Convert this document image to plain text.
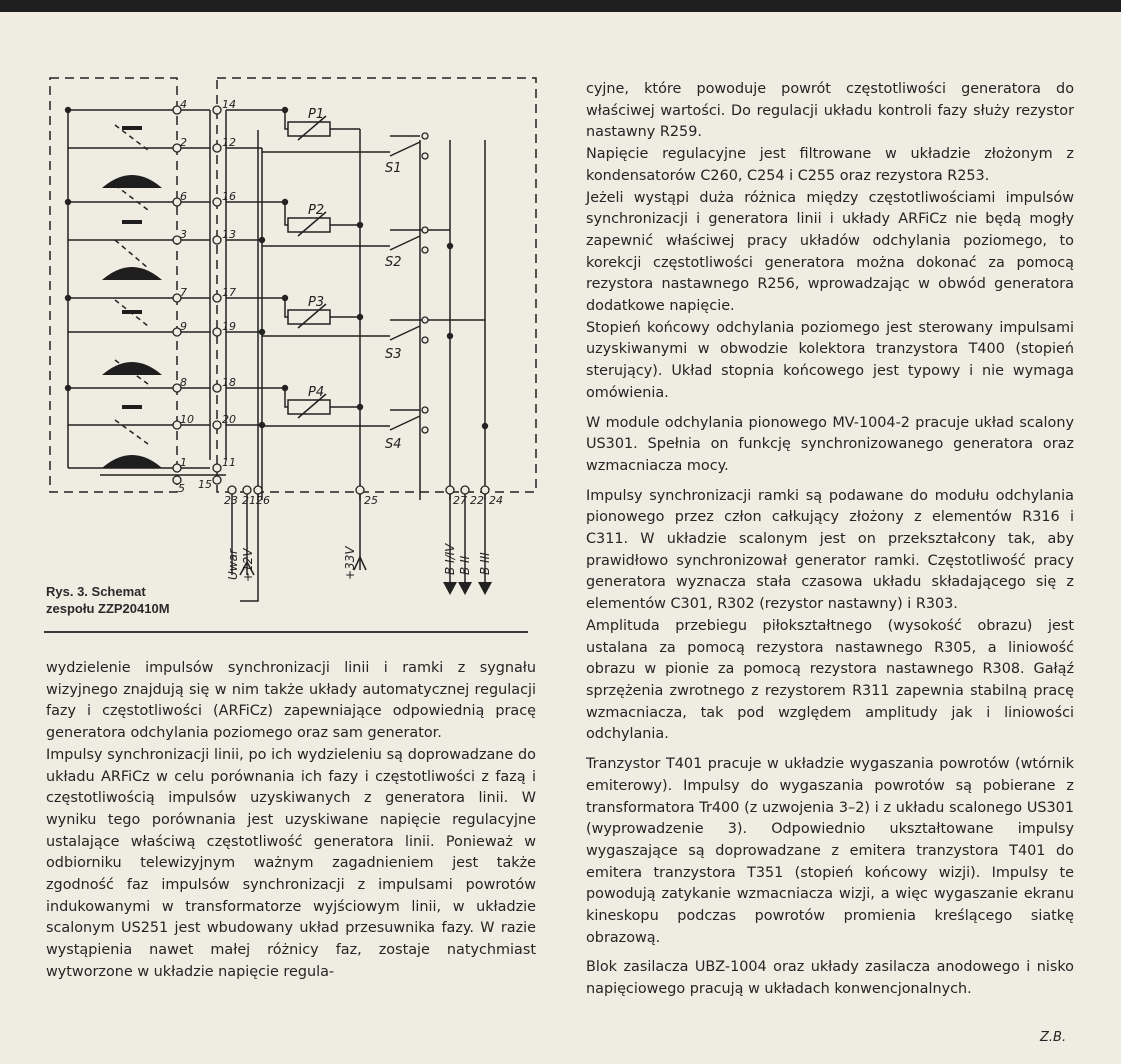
4
2
6
3
7
9
8
10
1
5 15
14
12
16
13
17
19
18
20
11
23 21 26	25	27 22 24
P1
P2
P3
P4
S1
S2
S3
S4
Uwar +12V	+33V	B I/IV B II B III
Rys. 3. Schemat
zespołu ZZP20410M

wydzielenie impulsów synchronizacji linii i ramki z sygnału wizyjnego znajdują się w nim także układy automatycznej regulacji fazy i częstotliwości (ARFiCz) zapewniające odpowiednią pracę generatora odchylania poziomego oraz sam generator.

Impulsy synchronizacji linii, po ich wydzieleniu są doprowadzane do układu ARFiCz w celu porównania ich fazy i częstotliwości z fazą i częstotliwością impulsów uzyskiwanych z generatora linii. W wyniku tego porównania jest uzyskiwane napięcie regulacyjne ustalające właściwą częstotliwość generatora linii. Ponieważ w odbiorniku telewizyjnym ważnym zagadnieniem jest także zgodność faz impulsów synchronizacji z impulsami powrotów indukowanymi w transformatorze wyjściowym linii, w układzie scalonym US251 jest wbudowany układ przesuwnika fazy. W razie wystąpienia nawet małej różnicy faz, zostaje natychmiast wytworzone w układzie napięcie regula-

cyjne, które powoduje powrót częstotliwości generatora do właściwej wartości. Do regulacji układu kontroli fazy służy rezystor nastawny R259.

Napięcie regulacyjne jest filtrowane w układzie złożonym z kondensatorów C260, C254 i C255 oraz rezystora R253.

Jeżeli wystąpi duża różnica między częstotliwościami impulsów synchronizacji i generatora linii i układy ARFiCz nie będą mogły zapewnić właściwej pracy układów odchylania poziomego, to korekcji częstotliwości generatora można dokonać za pomocą rezystora nastawnego R256, wprowadzając w obwód generatora dodatkowe napięcie.

Stopień końcowy odchylania poziomego jest sterowany impulsami uzyskiwanymi w obwodzie kolektora tranzystora T400 (stopień sterujący). Układ stopnia końcowego jest typowy i nie wymaga omówienia.

W module odchylania pionowego MV-1004-2 pracuje układ scalony US301. Spełnia on funkcję synchronizowanego generatora oraz wzmacniacza mocy.

Impulsy synchronizacji ramki są podawane do modułu odchylania pionowego przez człon całkujący złożony z elementów R316 i C311. W układzie scalonym jest on przekształcony tak, aby prawidłowo synchronizował generator ramki. Częstotliwość pracy generatora wyznacza stała czasowa układu składającego się z elementów C301, R302 (rezystor nastawny) i R303.

Amplituda przebiegu piłokształtnego (wysokość obrazu) jest ustalana za pomocą rezystora nastawnego R305, a liniowość obrazu w pionie za pomocą rezystora nastawnego R308. Gałąź sprzężenia zwrotnego z rezystorem R311 zapewnia stabilną pracę wzmacniacza, tak pod względem amplitudy jak i liniowości odchylania.

Tranzystor T401 pracuje w układzie wygaszania powrotów (wtórnik emiterowy). Impulsy do wygaszania powrotów są pobierane z transformatora Tr400 (z uzwojenia 3–2) i z układu scalonego US301 (wyprowadzenie 3). Odpowiednio ukształtowane impulsy wygaszające są doprowadzane z emitera tranzystora T401 do emitera tranzystora T351 (stopień końcowy wizji). Impulsy te powodują zatykanie wzmacniacza wizji, a więc wygaszanie ekranu kineskopu podczas powrotów promienia kreślącego siatkę obrazową.

Blok zasilacza UBZ-1004 oraz układy zasilacza anodowego i nisko napięciowego pracują w układach konwencjonalnych.

Z.B.
